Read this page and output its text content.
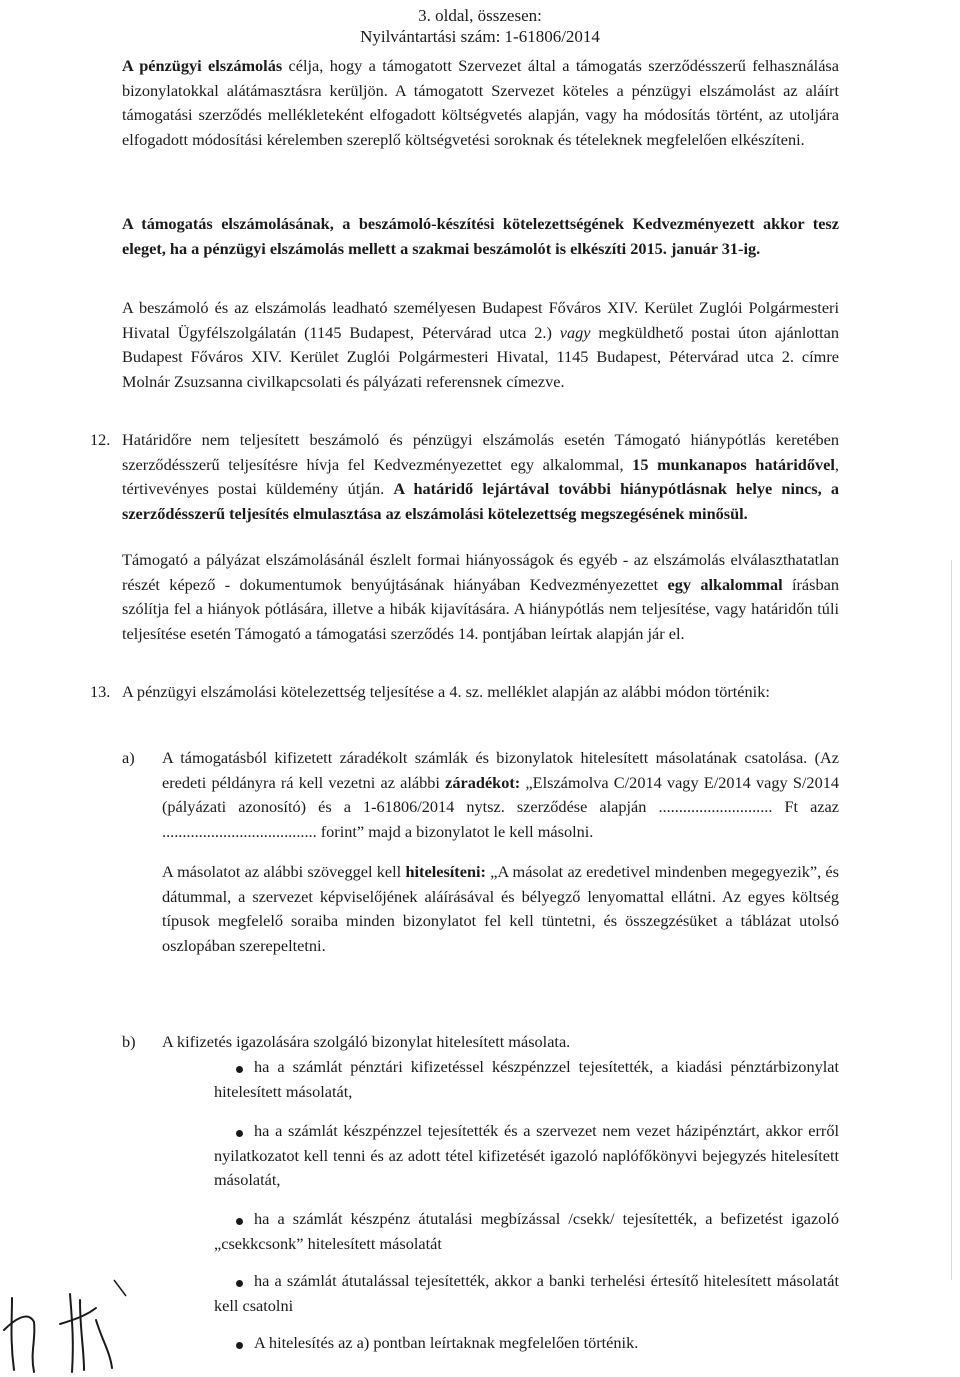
3. oldal, összesen:
Nyilvántartási szám: 1-61806/2014
A pénzügyi elszámolás célja, hogy a támogatott Szervezet által a támogatás szerződésszerű felhasználása bizonylatokkal alátámasztásra kerüljön. A támogatott Szervezet köteles a pénzügyi elszámolást az aláírt támogatási szerződés mellékleteként elfogadott költségvetés alapján, vagy ha módosítás történt, az utoljára elfogadott módosítási kérelemben szereplő költségvetési soroknak és tételeknek megfelelően elkészíteni.
A támogatás elszámolásának, a beszámoló-készítési kötelezettségének Kedvezményezett akkor tesz eleget, ha a pénzügyi elszámolás mellett a szakmai beszámolót is elkészíti 2015. január 31-ig.
A beszámoló és az elszámolás leadható személyesen Budapest Főváros XIV. Kerület Zuglói Polgármesteri Hivatal Ügyfélszolgálatán (1145 Budapest, Pétervárad utca 2.) vagy megküldhető postai úton ajánlottan Budapest Főváros XIV. Kerület Zuglói Polgármesteri Hivatal, 1145 Budapest, Pétervárad utca 2. címre Molnár Zsuzsanna civilkapcsolati és pályázati referensnek címezve.
12. Határidőre nem teljesített beszámoló és pénzügyi elszámolás esetén Támogató hiánypótlás keretében szerződésszerű teljesítésre hívja fel Kedvezményezettet egy alkalommal, 15 munkanapos határidővel, tértivevényes postai küldemény útján. A határidő lejártával további hiánypótlásnak helye nincs, a szerződésszerű teljesítés elmulasztása az elszámolási kötelezettség megszegésének minősül.
Támogató a pályázat elszámolásánál észlelt formai hiányosságok és egyéb - az elszámolás elválaszthatatlan részét képező - dokumentumok benyújtásának hiányában Kedvezményezettet egy alkalommal írásban szólítja fel a hiányok pótlására, illetve a hibák kijavítására. A hiánypótlás nem teljesítése, vagy határidőn túli teljesítése esetén Támogató a támogatási szerződés 14. pontjában leírtak alapján jár el.
13. A pénzügyi elszámolási kötelezettség teljesítése a 4. sz. melléklet alapján az alábbi módon történik:
a) A támogatásból kifizetett záradékolt számlák és bizonylatok hitelesített másolatának csatolása. (Az eredeti példányra rá kell vezetni az alábbi záradékot: „Elszámolva C/2014 vagy E/2014 vagy S/2014 (pályázati azonosító) és a 1-61806/2014 nytsz. szerződése alapján ............................ Ft azaz ...................................... forint” majd a bizonylatot le kell másolni.
A másolatot az alábbi szöveggel kell hitelesíteni: „A másolat az eredetivel mindenben megegyezik”, és dátummal, a szervezet képviselőjének aláírásával és bélyegző lenyomattal ellátni. Az egyes költség típusok megfelelő soraiba minden bizonylatot fel kell tüntetni, és összegzésüket a táblázat utolsó oszlopában szerepeltetni.
b) A kifizetés igazolására szolgáló bizonylat hitelesített másolata.
ha a számlát pénztári kifizetéssel készpénzzel tejesítették, a kiadási pénztárbizonylat hitelesített másolatát,
ha a számlát készpénzzel tejesítették és a szervezet nem vezet házipénztárt, akkor erről nyilatkozatot kell tenni és az adott tétel kifizetését igazoló naplófőkönyvi bejegyzés hitelesített másolatát,
ha a számlát készpénz átutalási megbízással /csekk/ tejesítették, a befizetést igazoló „csekkcsonk” hitelesített másolatát
ha a számlát átutalással tejesítették, akkor a banki terhelési értesítő hitelesített másolatát kell csatolni
A hitelesítés az a) pontban leírtaknak megfelelően történik.
